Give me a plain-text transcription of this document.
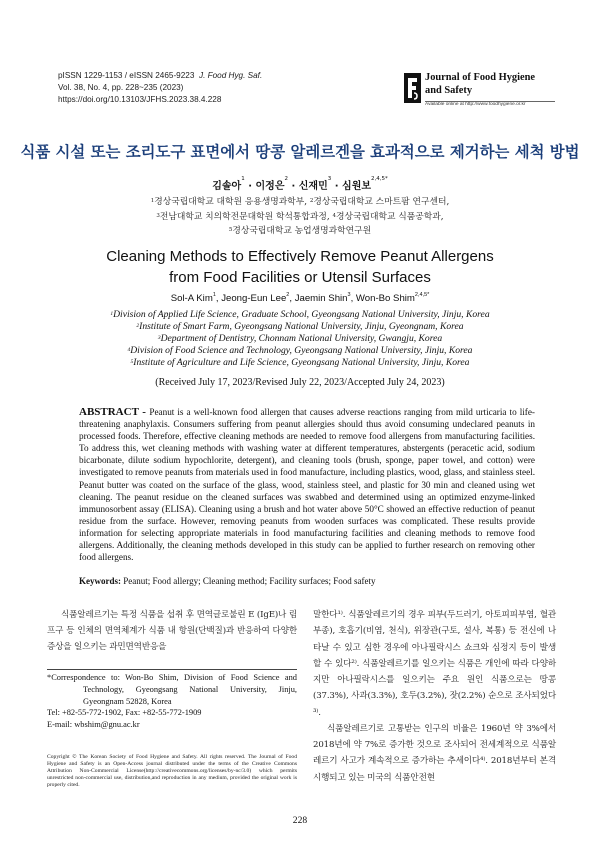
pISSN 1229-1153 / eISSN 2465-9223 J. Food Hyg. Saf.
Vol. 38, No. 4, pp. 228~235 (2023)
https://doi.org/10.13103/JFHS.2023.38.4.228
Journal of Food Hygiene
and Safety
Available online at http://www.foodhygiene.or.kr
식품 시설 또는 조리도구 표면에서 땅콩 알레르겐을 효과적으로 제거하는 세척 방법
김솔아$^1$ · 이정은$^2$ · 신재민$^3$ · 심원보$^{2,4,5*}$
$^1$경상국립대학교 대학원 응용생명과학부, $^2$경상국립대학교 스마트팜 연구센터,
$^3$전남대학교 치의학전문대학원 학석통합과정, $^4$경상국립대학교 식품공학과,
$^5$경상국립대학교 농업생명과학연구원
Cleaning Methods to Effectively Remove Peanut Allergens
from Food Facilities or Utensil Surfaces
Sol-A Kim$^1$, Jeong-Eun Lee$^2$, Jaemin Shin$^3$, Won-Bo Shim$^{2,4,5*}$
$^1$Division of Applied Life Science, Graduate School, Gyeongsang National University, Jinju, Korea
$^2$Institute of Smart Farm, Gyeongsang National University, Jinju, Gyeongnam, Korea
$^3$Department of Dentistry, Chonnam National University, Gwangju, Korea
$^4$Division of Food Science and Technology, Gyeongsang National University, Jinju, Korea
$^5$Institute of Agriculture and Life Science, Gyeongsang National University, Jinju, Korea
(Received July 17, 2023/Revised July 22, 2023/Accepted July 24, 2023)
ABSTRACT - Peanut is a well-known food allergen that causes adverse reactions ranging from mild urticaria to life-threatening anaphylaxis. Consumers suffering from peanut allergies should thus avoid consuming undeclared peanuts in processed foods. Therefore, effective cleaning methods are needed to remove food allergens from manufacturing facilities. To address this, wet cleaning methods with washing water at different temperatures, abstergents (peracetic acid, sodium bicarbonate, dilute sodium hypochlorite, detergent), and cleaning tools (brush, sponge, paper towel, and cotton) were investigated to remove peanuts from materials used in food manufacture, including plastics, wood, glass, and stainless steel. Peanut butter was coated on the surface of the glass, wood, stainless steel, and plastic for 30 min and cleaned using wet cleaning. The peanut residue on the cleaned surfaces was swabbed and determined using an optimized enzyme-linked immunosorbent assay (ELISA). Cleaning using a brush and hot water above 50°C showed an effective reduction of peanut residue from the surface. However, removing peanuts from wooden surfaces was complicated. These results provide information for selecting appropriate materials in food manufacturing facilities and cleaning methods to remove food allergens. Additionally, the cleaning methods developed in this study can be applied to further research on removing other food allergens.
Keywords: Peanut; Food allergy; Cleaning method; Facility surfaces; Food safety

식품알레르기는 특정 식품을 섭취 후 면역글로불린 E (IgE)나 림프구 등 인체의 면역체계가 식품 내 항원(단백질)과 반응하여 다양한 증상을 일으키는 과민면역반응을

말한다¹⁾. 식품알레르기의 경우 피부(두드러기, 아토피피부염, 혈관부종), 호흡기(비염, 천식), 위장관(구토, 설사, 복통) 등 전신에 나타날 수 있고 심한 경우에 아나필락시스 쇼크와 심정지 등이 발생할 수 있다²⁾. 식품알레르기를 일으키는 식품은 개인에 따라 다양하지만 아나필락시스를 일으키는 주요 원인 식품으로는 땅콩(37.3%), 사과(3.3%), 호두(3.2%), 잣(2.2%) 순으로 조사되었다³⁾.

식품알레르기로 고통받는 인구의 비율은 1960년 약 3%에서 2018년에 약 7%로 증가한 것으로 조사되어 전세계적으로 식품알레르기 사고가 계속적으로 증가하는 추세이다⁴⁾. 2018년부터 본격 시행되고 있는 미국의 식품안전현

*Correspondence to: Won-Bo Shim, Division of Food Science and Technology, Gyeongsang National University, Jinju, Gyeongnam 52828, Korea
Tel: +82-55-772-1902, Fax: +82-55-772-1909
E-mail: wbshim@gnu.ac.kr
Copyright © The Korean Society of Food Hygiene and Safety. All rights reserved. The Journal of Food Hygiene and Safety is an Open-Access journal distributed under the terms of the Creative Commons Attribution Non-Commercial License(http://creativecommons.org/licenses/by-nc/3.0) which permits unrestricted non-commercial use, distribution,and reproduction in any medium, provided the original work is properly cited.
228
